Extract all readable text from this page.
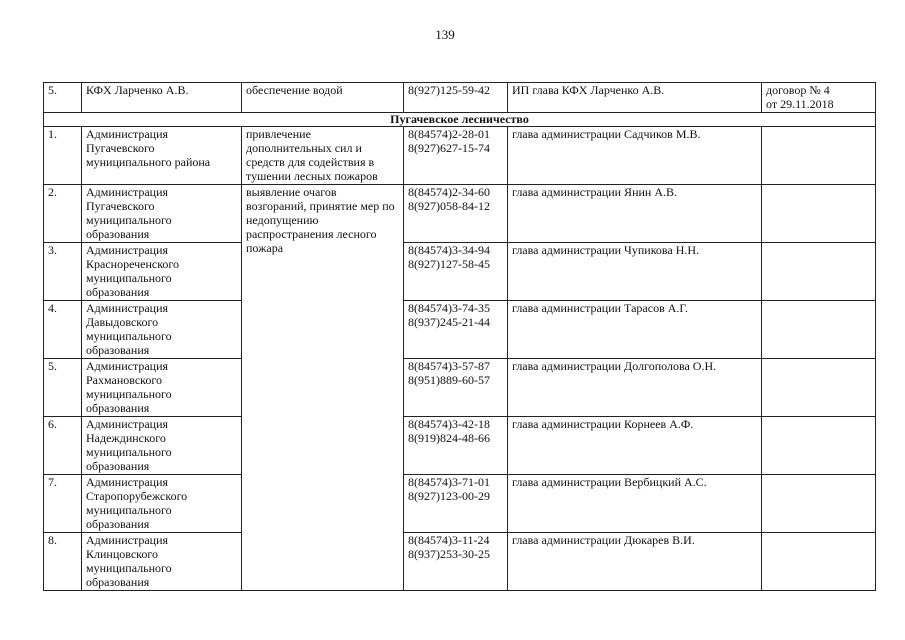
139
5.	КФХ Ларченко А.В.	обеспечение водой	8(927)125-59-42	ИП глава КФХ Ларченко А.В.	договор № 4
от 29.11.2018

Пугачевское лесничество					
1.	Администрация Пугачевского муниципального района	привлечение дополнительных сил и средств для содействия в тушении лесных пожаров	8(84574)2-28-01
8(927)627-15-74	глава администрации Садчиков М.В.	
2.	Администрация Пугачевского муниципального образования	выявление очагов возгораний, принятие мер по недопущению распространения лесного пожара	8(84574)2-34-60
8(927)058-84-12	глава администрации Янин А.В.	
3.	Администрация Краснореченского муниципального образования		8(84574)3-34-94
8(927)127-58-45	глава администрации Чупикова Н.Н.	
4.	Администрация Давыдовского муниципального образования		8(84574)3-74-35
8(937)245-21-44	глава администрации Тарасов А.Г.	
5.	Администрация Рахмановского муниципального образования		8(84574)3-57-87
8(951)889-60-57	глава администрации Долгополова О.Н.	
6.	Администрация Надеждинского муниципального образования		8(84574)3-42-18
8(919)824-48-66	глава администрации Корнеев А.Ф.	
7.	Администрация Старопорубежского муниципального образования		8(84574)3-71-01
8(927)123-00-29	глава администрации Вербицкий А.С.	
8.	Администрация Клинцовского муниципального образования		8(84574)3-11-24
8(937)253-30-25	глава администрации Дюкарев В.И.	
